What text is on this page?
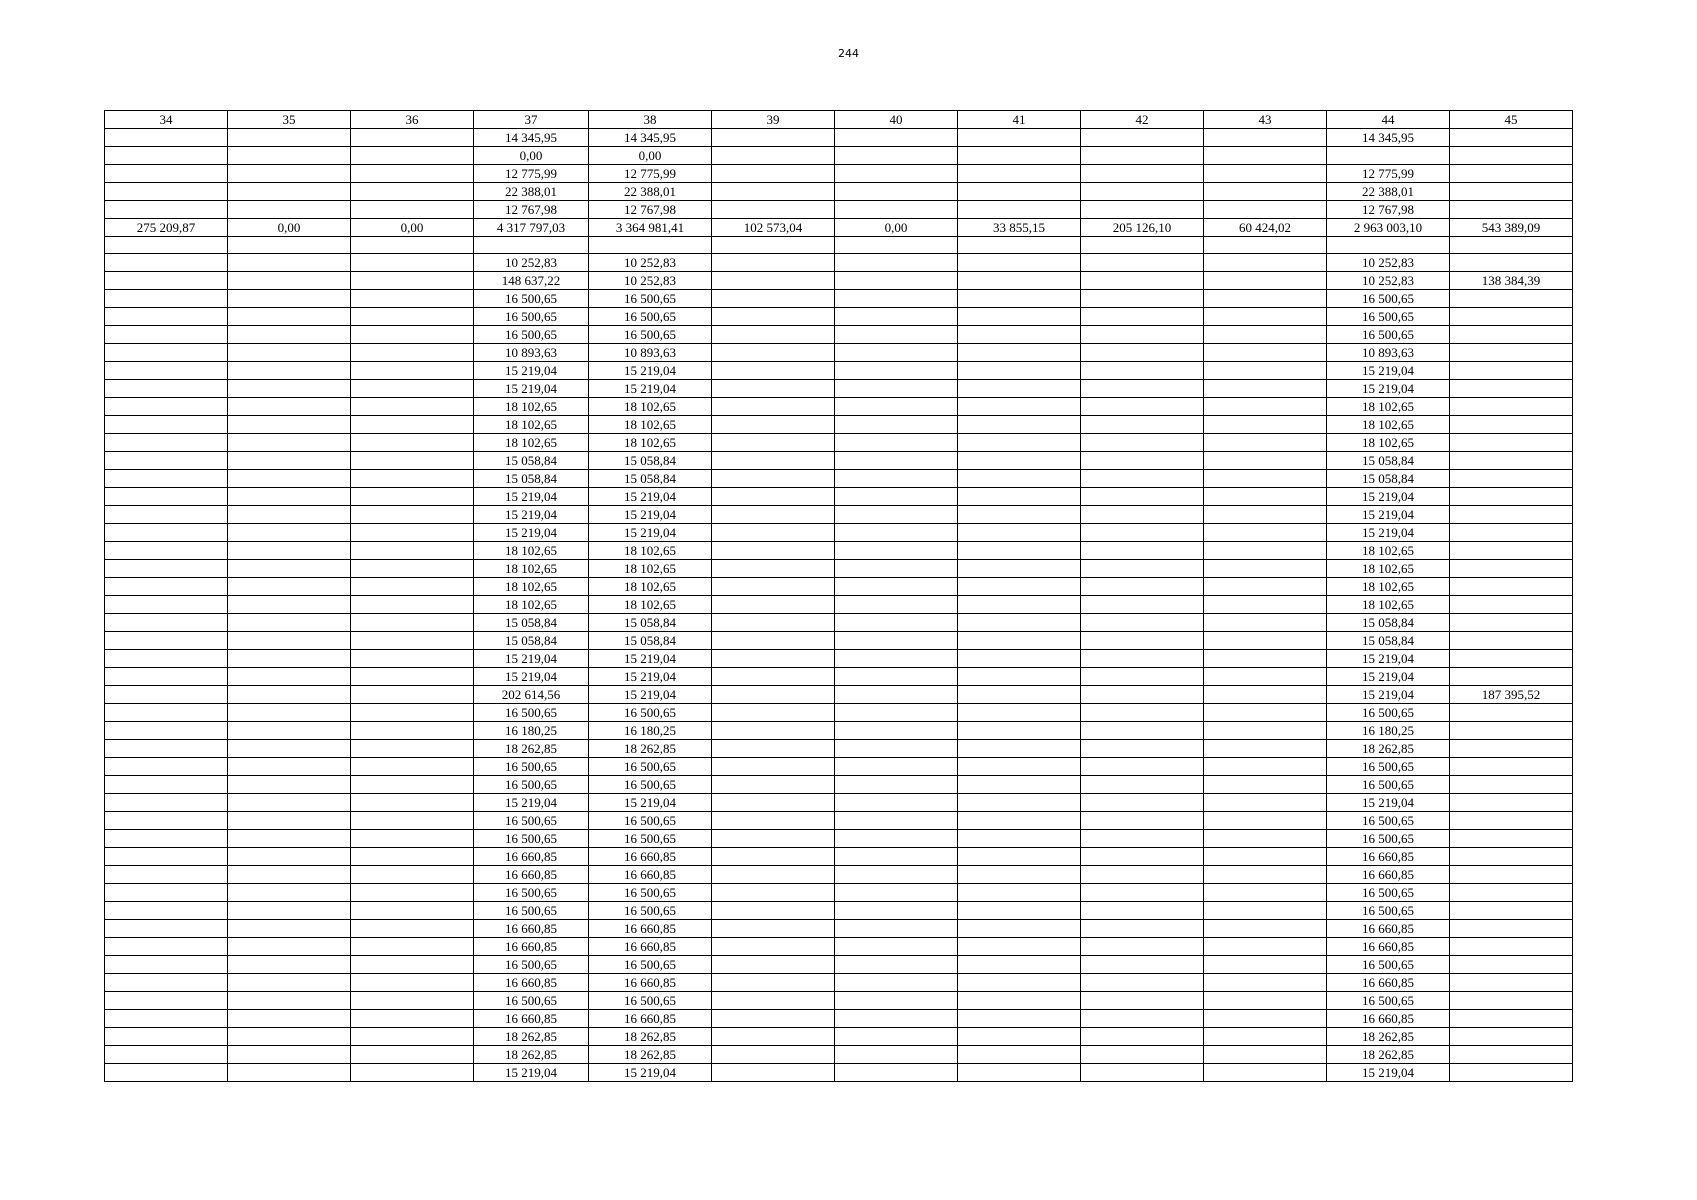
244
34	35	36	37	38	39	40	41	42	43	44	45
			14 345,95	14 345,95						14 345,95	
			0,00	0,00							
			12 775,99	12 775,99						12 775,99	
			22 388,01	22 388,01						22 388,01	
			12 767,98	12 767,98						12 767,98	
275 209,87	0,00	0,00	4 317 797,03	3 364 981,41	102 573,04	0,00	33 855,15	205 126,10	60 424,02	2 963 003,10	543 389,09

			10 252,83	10 252,83						10 252,83	
			148 637,22	10 252,83						10 252,83	138 384,39
			16 500,65	16 500,65						16 500,65	
			16 500,65	16 500,65						16 500,65	
			16 500,65	16 500,65						16 500,65	
			10 893,63	10 893,63						10 893,63	
			15 219,04	15 219,04						15 219,04	
			15 219,04	15 219,04						15 219,04	
			18 102,65	18 102,65						18 102,65	
			18 102,65	18 102,65						18 102,65	
			18 102,65	18 102,65						18 102,65	
			15 058,84	15 058,84						15 058,84	
			15 058,84	15 058,84						15 058,84	
			15 219,04	15 219,04						15 219,04	
			15 219,04	15 219,04						15 219,04	
			15 219,04	15 219,04						15 219,04	
			18 102,65	18 102,65						18 102,65	
			18 102,65	18 102,65						18 102,65	
			18 102,65	18 102,65						18 102,65	
			18 102,65	18 102,65						18 102,65	
			15 058,84	15 058,84						15 058,84	
			15 058,84	15 058,84						15 058,84	
			15 219,04	15 219,04						15 219,04	
			15 219,04	15 219,04						15 219,04	
			202 614,56	15 219,04						15 219,04	187 395,52
			16 500,65	16 500,65						16 500,65	
			16 180,25	16 180,25						16 180,25	
			18 262,85	18 262,85						18 262,85	
			16 500,65	16 500,65						16 500,65	
			16 500,65	16 500,65						16 500,65	
			15 219,04	15 219,04						15 219,04	
			16 500,65	16 500,65						16 500,65	
			16 500,65	16 500,65						16 500,65	
			16 660,85	16 660,85						16 660,85	
			16 660,85	16 660,85						16 660,85	
			16 500,65	16 500,65						16 500,65	
			16 500,65	16 500,65						16 500,65	
			16 660,85	16 660,85						16 660,85	
			16 660,85	16 660,85						16 660,85	
			16 500,65	16 500,65						16 500,65	
			16 660,85	16 660,85						16 660,85	
			16 500,65	16 500,65						16 500,65	
			16 660,85	16 660,85						16 660,85	
			18 262,85	18 262,85						18 262,85	
			18 262,85	18 262,85						18 262,85	
			15 219,04	15 219,04						15 219,04	
